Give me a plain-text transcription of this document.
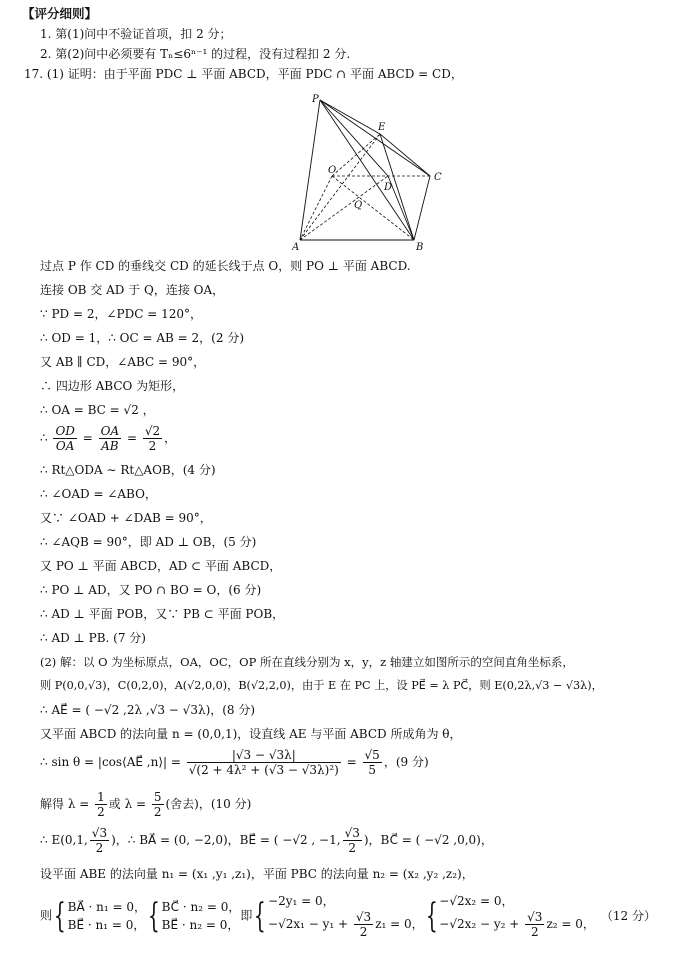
【评分细则】
1. 第(1)问中不验证首项，扣 2 分；
2. 第(2)问中必须要有 Tₙ≤6ⁿ⁻¹ 的过程，没有过程扣 2 分.
17. (1) 证明：由于平面 PDC ⊥ 平面 ABCD，平面 PDC ∩ 平面 ABCD = CD，
P
E
O
D
C
Q
A	B
过点 P 作 CD 的垂线交 CD 的延长线于点 O，则 PO ⊥ 平面 ABCD.
连接 OB 交 AD 于 Q，连接 OA，
∵ PD = 2，∠PDC = 120°，
∴ OD = 1，∴ OC = AB = 2，(2 分)
又 AB ∥ CD，∠ABC = 90°，
∴ 四边形 ABCO 为矩形，
∴ OA = BC = √2 ，
∴ $\frac{OD}{OA} = \frac{OA}{AB} = \frac{√2}{2}$ ，
∴ Rt△ODA ∼ Rt△AOB，(4 分)
∴ ∠OAD = ∠ABO，
又∵ ∠OAD + ∠DAB = 90°，
∴ ∠AQB = 90°，即 AD ⊥ OB，(5 分)
又 PO ⊥ 平面 ABCD，AD ⊂ 平面 ABCD，
∴ PO ⊥ AD，又 PO ∩ BO = O，(6 分)
∴ AD ⊥ 平面 POB，又∵ PB ⊂ 平面 POB，
∴ AD ⊥ PB. (7 分)
(2) 解：以 O 为坐标原点，OA，OC，OP 所在直线分别为 x，y，z 轴建立如图所示的空间直角坐标系，
则 P(0,0,√3)，C(0,2,0)，A(√2,0,0)，B(√2,2,0)，由于 E 在 PC 上，设 PE⃗ = λ PC⃗，则 E(0,2λ,√3 − √3λ)，
∴ AE⃗ = ( −√2 ,2λ ,√3 − √3λ)，(8 分)
又平面 ABCD 的法向量 n = (0,0,1)，设直线 AE 与平面 ABCD 所成角为 θ，
∴ sin θ = |cos⟨AE⃗ ,n⟩| = $\frac{|√3 - √3\lambda|}{\text{√(2 + 4λ² + (√3 − √3λ)²)}} = \frac{√5}{5}$ ，(9 分)
解得 $\lambda = \frac{1}{2}$ 或 $\lambda = \frac{5}{2}$ (舍去)，(10 分)
∴ E(0,1, $\frac{√3}{2}$ )，∴ BA⃗ = (0, −2,0)，BE⃗ = ( −√2 , −1, $\frac{√3}{2}$ )，BC⃗ = ( −√2 ,0,0)，
设平面 ABE 的法向量 n₁ = (x₁ ,y₁ ,z₁)，平面 PBC 的法向量 n₂ = (x₂ ,y₂ ,z₂)，
则{ BA⃗ · n₁ = 0，
BE⃗ · n₁ = 0， { BC⃗ · n₂ = 0，
BE⃗ · n₂ = 0，
即{ −2y₁ = 0，
$-√2x_1 - y_1 + \frac{√3}{2} z_1 = 0$， { −√2x₂ = 0，
$-√2x_2 - y_2 + \frac{√3}{2} z_2 = 0$，
（12 分）
